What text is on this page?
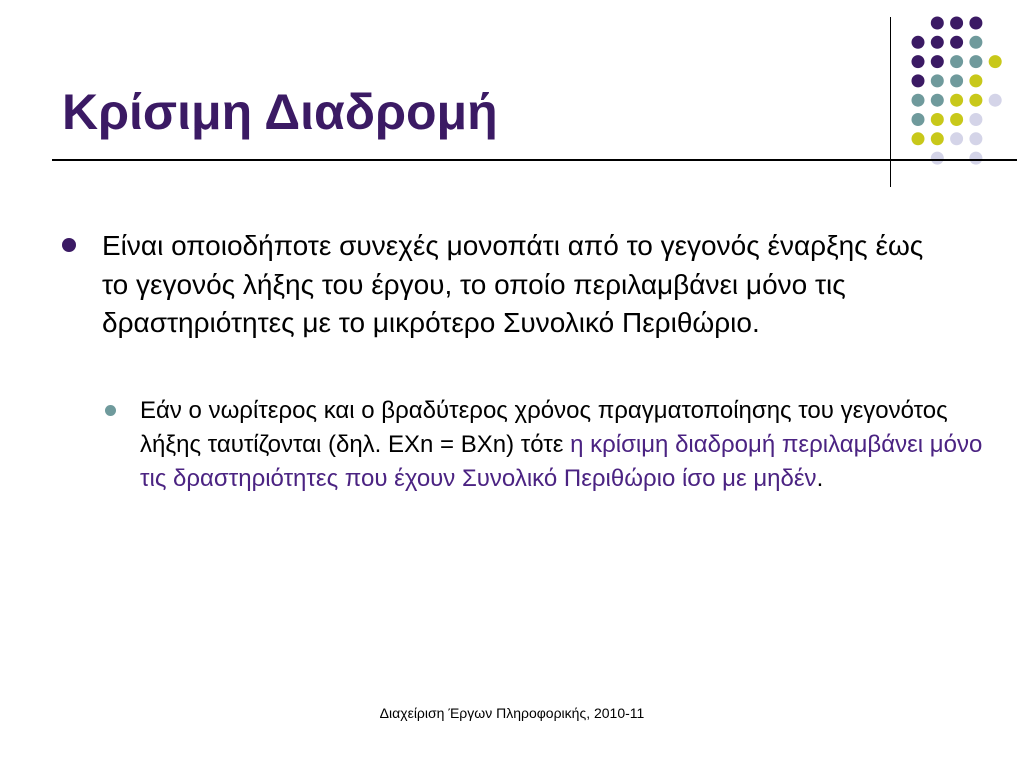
Κρίσιμη Διαδρομή

Είναι οποιοδήποτε συνεχές μονοπάτι από το γεγονός έναρξης έως το γεγονός λήξης του έργου, το οποίο περιλαμβάνει μόνο τις δραστηριότητες με το μικρότερο Συνολικό Περιθώριο.

Εάν ο νωρίτερος και ο βραδύτερος χρόνος πραγματοποίησης του γεγονότος λήξης ταυτίζονται (δηλ. ΕΧn = ΒΧn) τότε η κρίσιμη διαδρομή περιλαμβάνει μόνο τις δραστηριότητες που έχουν Συνολικό Περιθώριο ίσο με μηδέν.

Διαχείριση Έργων Πληροφορικής, 2010-11
